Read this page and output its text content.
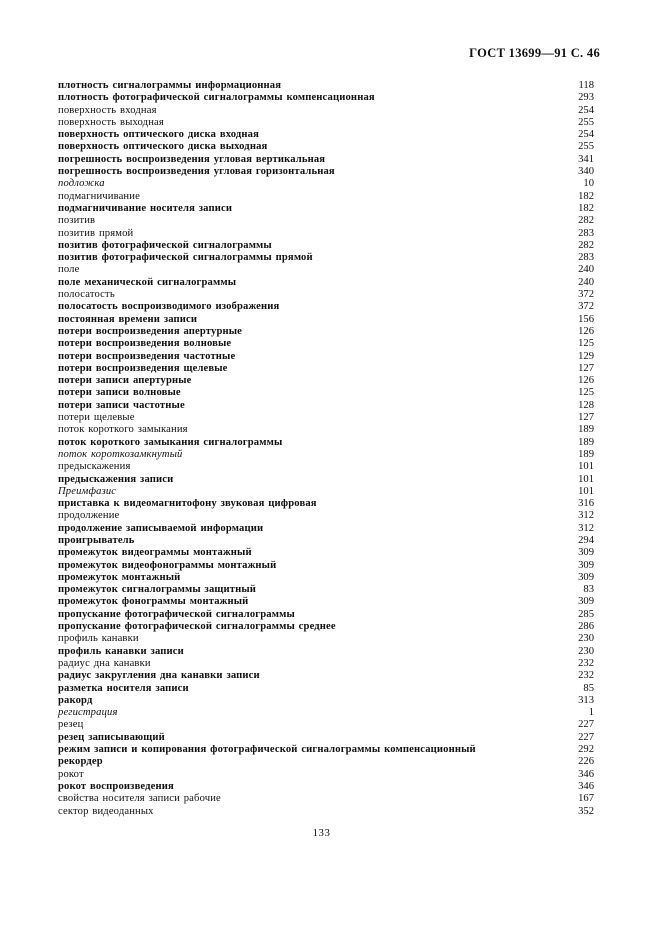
ГОСТ 13699—91 С. 46
плотность сигналограммы информационная	118
плотность фотографической сигналограммы компенсационная	293
поверхность входная	254
поверхность выходная	255
поверхность оптического диска входная	254
поверхность оптического диска выходная	255
погрешность воспроизведения угловая вертикальная	341
погрешность воспроизведения угловая горизонтальная	340
подложка	10
подмагничивание	182
подмагничивание носителя записи	182
позитив	282
позитив прямой	283
позитив фотографической сигналограммы	282
позитив фотографической сигналограммы прямой	283
поле	240
поле механической сигналограммы	240
полосатость	372
полосатость воспроизводимого изображения	372
постоянная времени записи	156
потери воспроизведения апертурные	126
потери воспроизведения волновые	125
потери воспроизведения частотные	129
потери воспроизведения щелевые	127
потери записи апертурные	126
потери записи волновые	125
потери записи частотные	128
потери щелевые	127
поток короткого замыкания	189
поток короткого замыкания сигналограммы	189
поток короткозамкнутый	189
предыскажения	101
предыскажения записи	101
Преимфазис	101
приставка к видеомагнитофону звуковая цифровая	316
продолжение	312
продолжение записываемой информации	312
проигрыватель	294
промежуток видеограммы монтажный	309
промежуток видеофонограммы монтажный	309
промежуток монтажный	309
промежуток сигналограммы защитный	83
промежуток фонограммы монтажный	309
пропускание фотографической сигналограммы	285
пропускание фотографической сигналограммы среднее	286
профиль канавки	230
профиль канавки записи	230
радиус дна канавки	232
радиус закругления дна канавки записи	232
разметка носителя записи	85
ракорд	313
регистрация	1
резец	227
резец записывающий	227
режим записи и копирования фотографической сигналограммы компенсационный	292
рекордер	226
рокот	346
рокот воспроизведения	346
свойства носителя записи рабочие	167
сектор видеоданных	352
133
